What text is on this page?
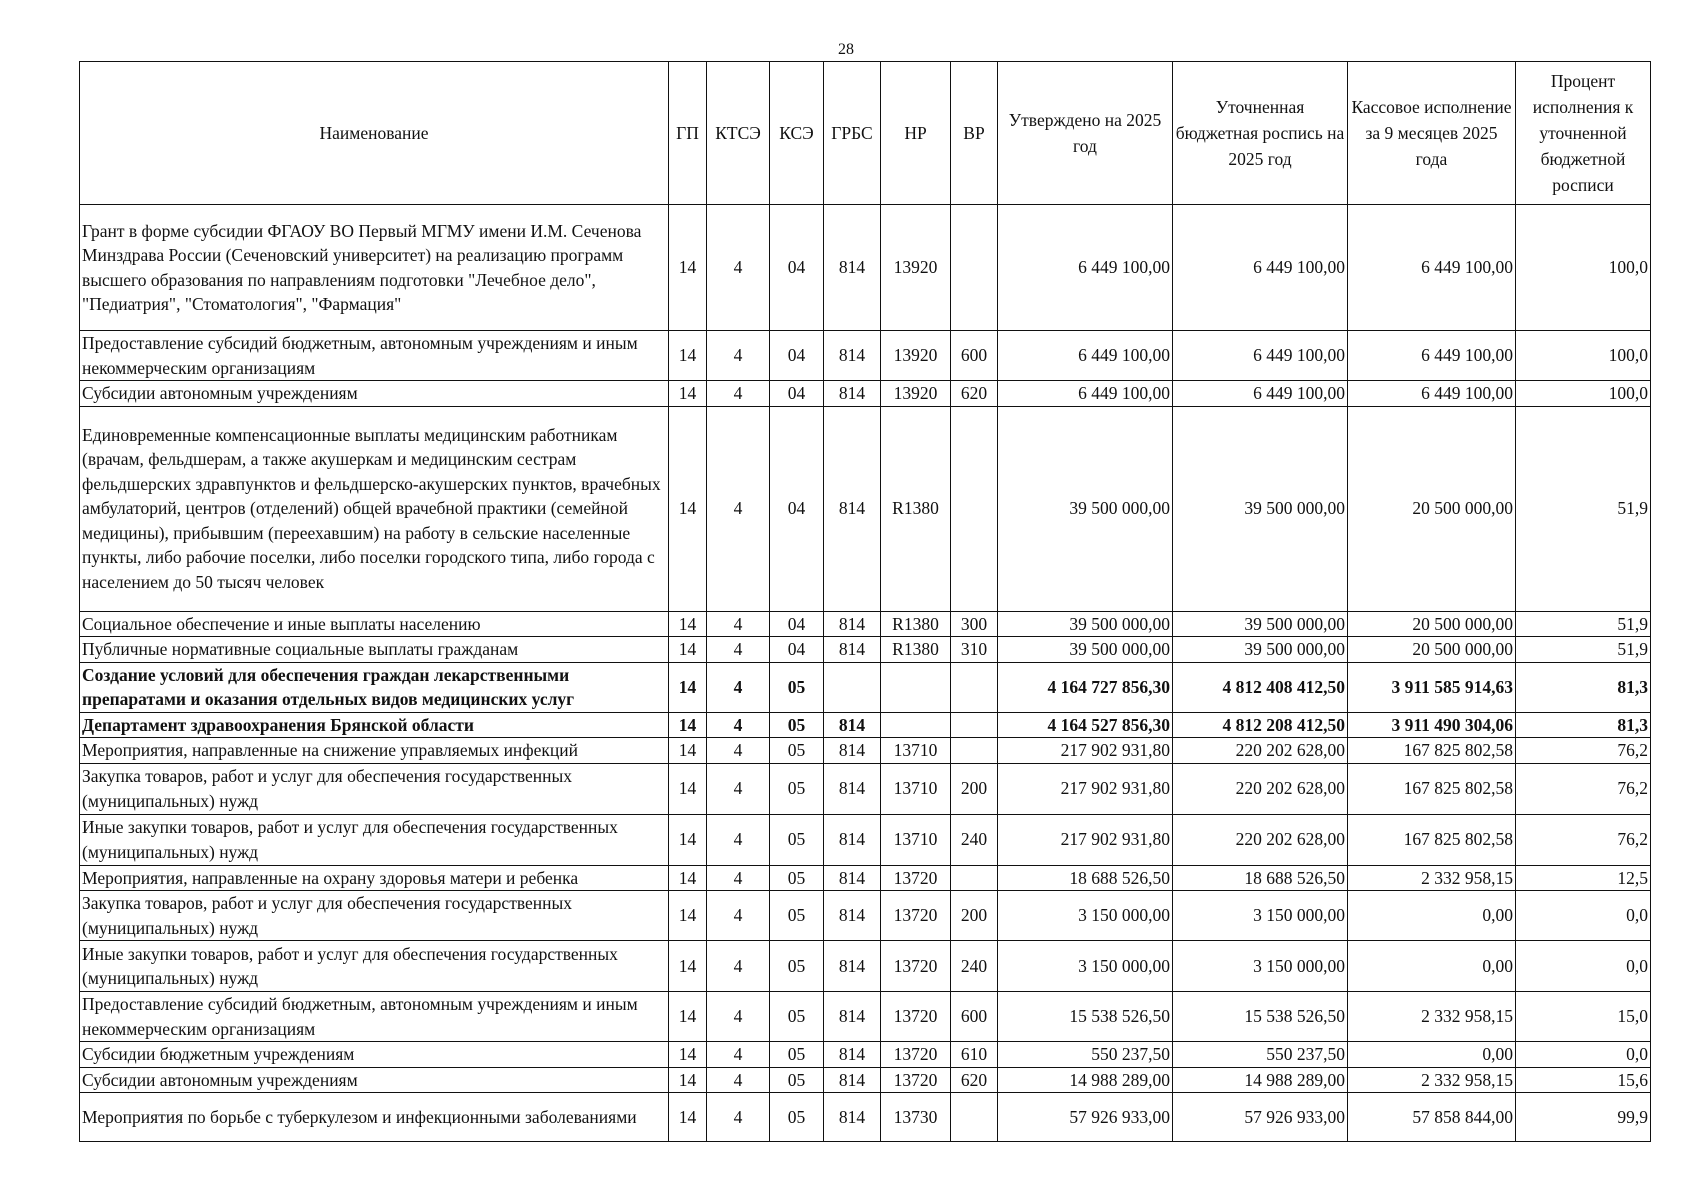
28
Наименование	ГП	КТСЭ	КСЭ	ГРБС	НР	ВР	Утверждено на 2025 год	Уточненная бюджетная роспись на 2025 год	Кассовое исполнение за 9 месяцев 2025 года	Процент исполнения к уточненной бюджетной росписи
Грант в форме субсидии ФГАОУ ВО Первый МГМУ имени И.М. Сеченова Минздрава России (Сеченовский университет) на реализацию программ высшего образования по направлениям подготовки "Лечебное дело", "Педиатрия", "Стоматология", "Фармация"	14	4	04	814	13920		6 449 100,00	6 449 100,00	6 449 100,00	100,0
Предоставление субсидий бюджетным, автономным учреждениям и иным некоммерческим организациям	14	4	04	814	13920	600	6 449 100,00	6 449 100,00	6 449 100,00	100,0
Субсидии автономным учреждениям	14	4	04	814	13920	620	6 449 100,00	6 449 100,00	6 449 100,00	100,0
Единовременные компенсационные выплаты медицинским работникам (врачам, фельдшерам, а также акушеркам и медицинским сестрам фельдшерских здравпунктов и фельдшерско-акушерских пунктов, врачебных амбулаторий, центров (отделений) общей врачебной практики (семейной медицины), прибывшим (переехавшим) на работу в сельские населенные пункты, либо рабочие поселки, либо поселки городского типа, либо города с населением до 50 тысяч человек	14	4	04	814	R1380		39 500 000,00	39 500 000,00	20 500 000,00	51,9
Социальное обеспечение и иные выплаты населению	14	4	04	814	R1380	300	39 500 000,00	39 500 000,00	20 500 000,00	51,9
Публичные нормативные социальные выплаты гражданам	14	4	04	814	R1380	310	39 500 000,00	39 500 000,00	20 500 000,00	51,9
Создание условий для обеспечения граждан лекарственными препаратами и оказания отдельных видов медицинских услуг	14	4	05				4 164 727 856,30	4 812 408 412,50	3 911 585 914,63	81,3
Департамент здравоохранения Брянской области	14	4	05	814			4 164 527 856,30	4 812 208 412,50	3 911 490 304,06	81,3
Мероприятия, направленные на снижение управляемых инфекций	14	4	05	814	13710		217 902 931,80	220 202 628,00	167 825 802,58	76,2
Закупка товаров, работ и услуг для обеспечения государственных (муниципальных) нужд	14	4	05	814	13710	200	217 902 931,80	220 202 628,00	167 825 802,58	76,2
Иные закупки товаров, работ и услуг для обеспечения государственных (муниципальных) нужд	14	4	05	814	13710	240	217 902 931,80	220 202 628,00	167 825 802,58	76,2
Мероприятия, направленные на охрану здоровья матери и ребенка	14	4	05	814	13720		18 688 526,50	18 688 526,50	2 332 958,15	12,5
Закупка товаров, работ и услуг для обеспечения государственных (муниципальных) нужд	14	4	05	814	13720	200	3 150 000,00	3 150 000,00	0,00	0,0
Иные закупки товаров, работ и услуг для обеспечения государственных (муниципальных) нужд	14	4	05	814	13720	240	3 150 000,00	3 150 000,00	0,00	0,0
Предоставление субсидий бюджетным, автономным учреждениям и иным некоммерческим организациям	14	4	05	814	13720	600	15 538 526,50	15 538 526,50	2 332 958,15	15,0
Субсидии бюджетным учреждениям	14	4	05	814	13720	610	550 237,50	550 237,50	0,00	0,0
Субсидии автономным учреждениям	14	4	05	814	13720	620	14 988 289,00	14 988 289,00	2 332 958,15	15,6
Мероприятия по борьбе с туберкулезом и инфекционными заболеваниями	14	4	05	814	13730		57 926 933,00	57 926 933,00	57 858 844,00	99,9
